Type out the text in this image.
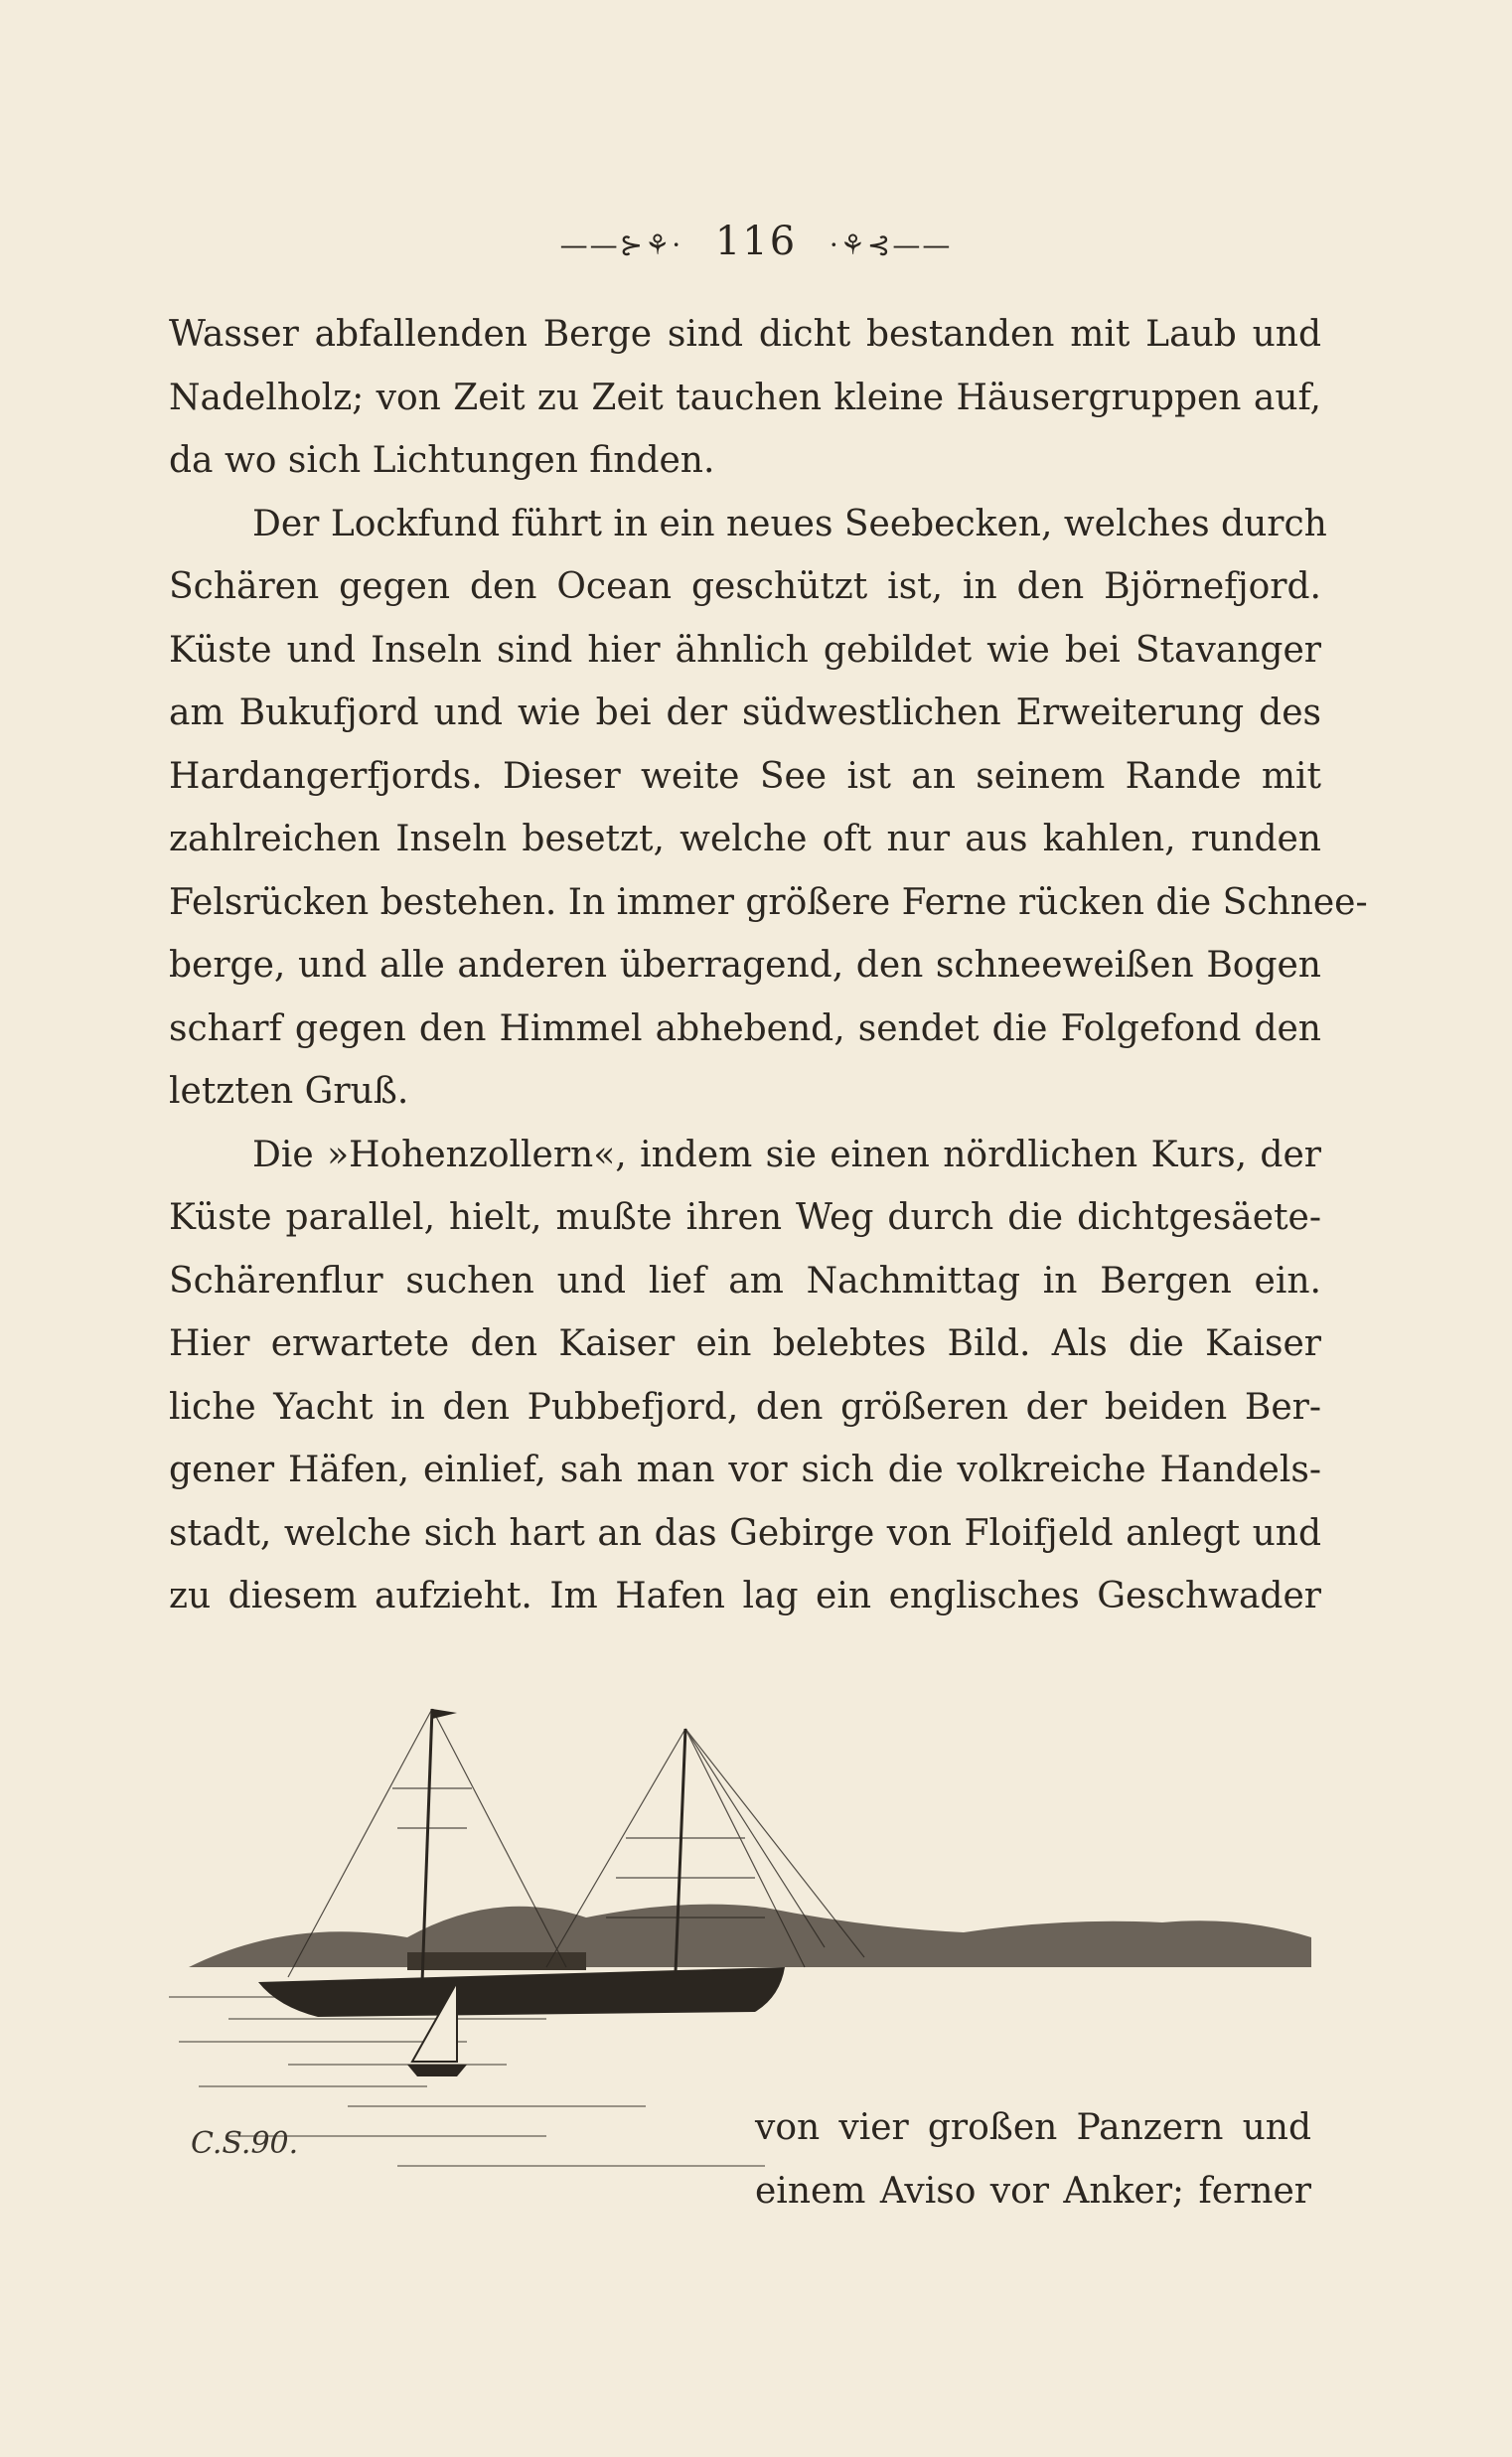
——⊱⚘· 116 ·⚘⊰——
Wasser abfallenden Berge sind dicht bestanden mit Laub und
Nadelholz; von Zeit zu Zeit tauchen kleine Häusergruppen auf,
da wo sich Lichtungen finden.
Der Lockfund führt in ein neues Seebecken, welches durch
Schären gegen den Ocean geschützt ist, in den Björnefjord.
Küste und Inseln sind hier ähnlich gebildet wie bei Stavanger
am Bukufjord und wie bei der südwestlichen Erweiterung des
Hardangerfjords. Dieser weite See ist an seinem Rande mit
zahlreichen Inseln besetzt, welche oft nur aus kahlen, runden
Felsrücken bestehen. In immer größere Ferne rücken die Schnee-
berge, und alle anderen überragend, den schneeweißen Bogen
scharf gegen den Himmel abhebend, sendet die Folgefond den
letzten Gruß.
Die »Hohenzollern«, indem sie einen nördlichen Kurs, der
Küste parallel, hielt, mußte ihren Weg durch die dichtgesäete-
Schärenflur suchen und lief am Nachmittag in Bergen ein.
Hier erwartete den Kaiser ein belebtes Bild. Als die Kaiser
liche Yacht in den Pubbefjord, den größeren der beiden Ber-
gener Häfen, einlief, sah man vor sich die volkreiche Handels-
stadt, welche sich hart an das Gebirge von Floifjeld anlegt und
zu diesem aufzieht. Im Hafen lag ein englisches Geschwader
C.S.90.	von vier großen Panzern und
einem Aviso vor Anker; ferner
